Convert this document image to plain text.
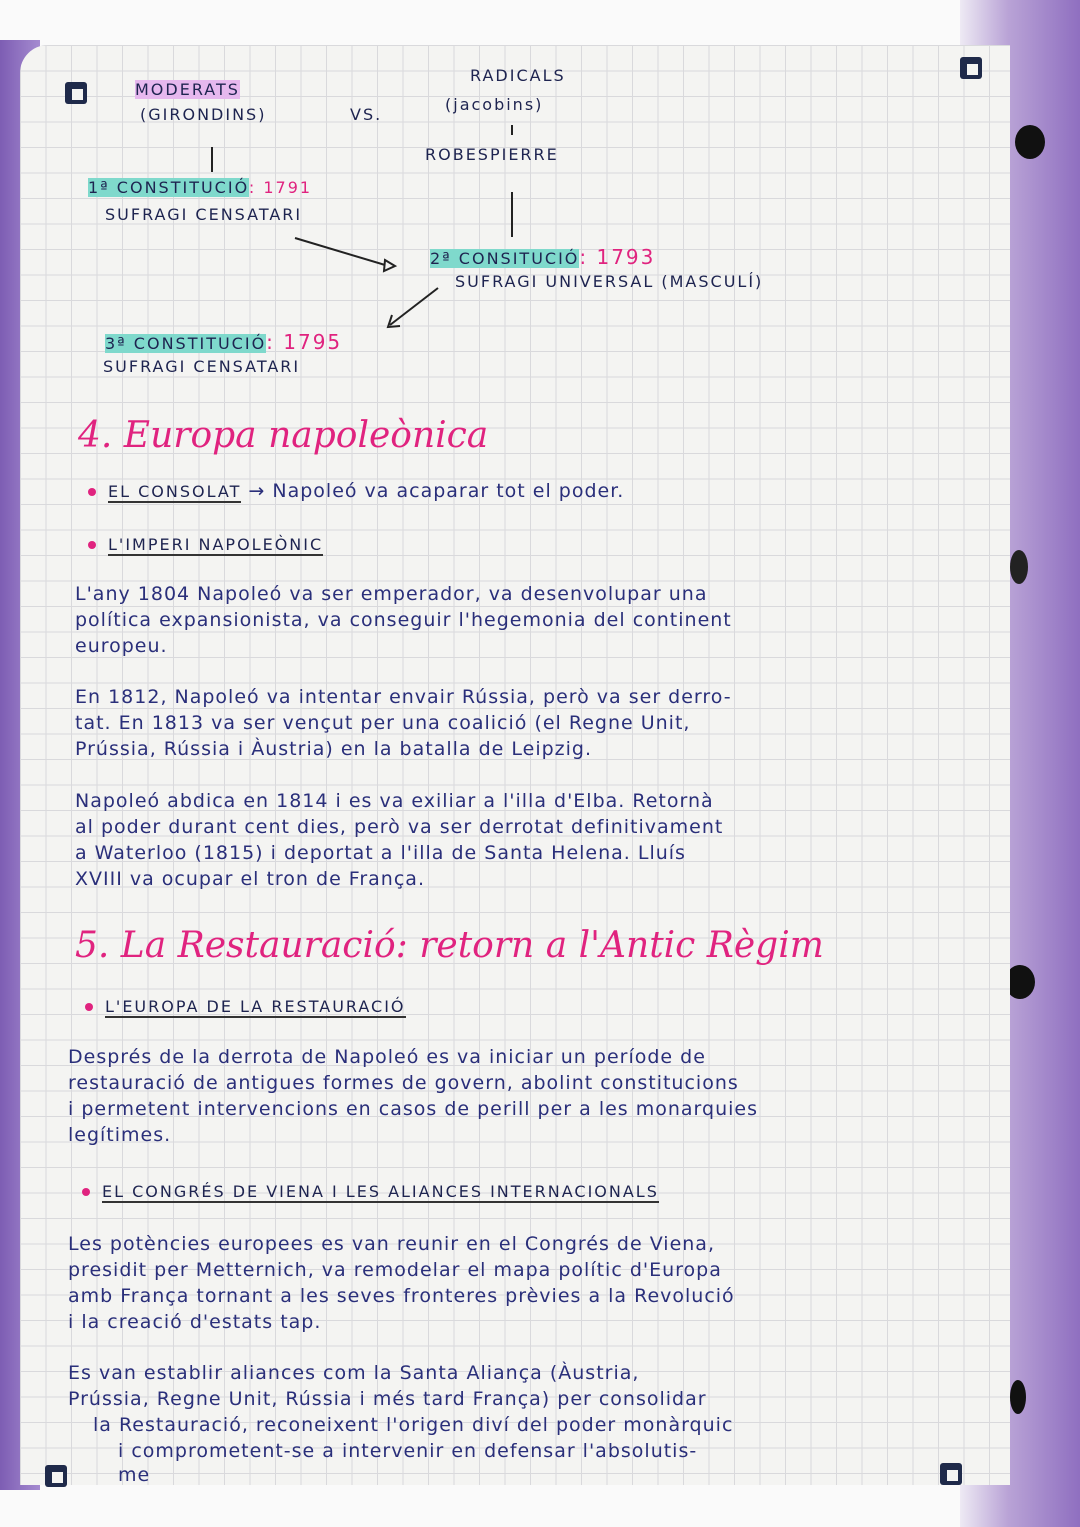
MODERATS
(GIRONDINS)	VS.
RADICALS
(jacobins)
ROBESPIERRE
1ª CONSTITUCIÓ: 1791
SUFRAGI CENSATARI
2ª CONSITUCIÓ: 1793
SUFRAGI UNIVERSAL (MASCULÍ)
3ª CONSTITUCIÓ: 1795
SUFRAGI CENSATARI
4. Europa napoleònica
EL CONSOLAT → Napoleó va acaparar tot el poder.
L'IMPERI NAPOLEÒNIC
L'any 1804 Napoleó va ser emperador, va desenvolupar una
política expansionista, va conseguir l'hegemonia del continent
europeu.
En 1812, Napoleó va intentar envair Rússia, però va ser derro-
tat. En 1813 va ser vençut per una coalició (el Regne Unit,
Prússia, Rússia i Àustria) en la batalla de Leipzig.
Napoleó abdica en 1814 i es va exiliar a l'illa d'Elba. Retornà
al poder durant cent dies, però va ser derrotat definitivament
a Waterloo (1815) i deportat a l'illa de Santa Helena. Lluís
XVIII va ocupar el tron de França.
5. La Restauració: retorn a l'Antic Règim
L'EUROPA DE LA RESTAURACIÓ
Després de la derrota de Napoleó es va iniciar un període de
restauració de antigues formes de govern, abolint constitucions
i permetent intervencions en casos de perill per a les monarquies
legítimes.
EL CONGRÉS DE VIENA I LES ALIANCES INTERNACIONALS
Les potències europees es van reunir en el Congrés de Viena,
presidit per Metternich, va remodelar el mapa polític d'Europa
amb França tornant a les seves fronteres prèvies a la Revolució
i la creació d'estats tap.
Es van establir aliances com la Santa Aliança (Àustria,
Prússia, Regne Unit, Rússia i més tard França) per consolidar
la Restauració, reconeixent l'origen diví del poder monàrquic
i comprometent-se a intervenir en defensar l'absolutis-
me
